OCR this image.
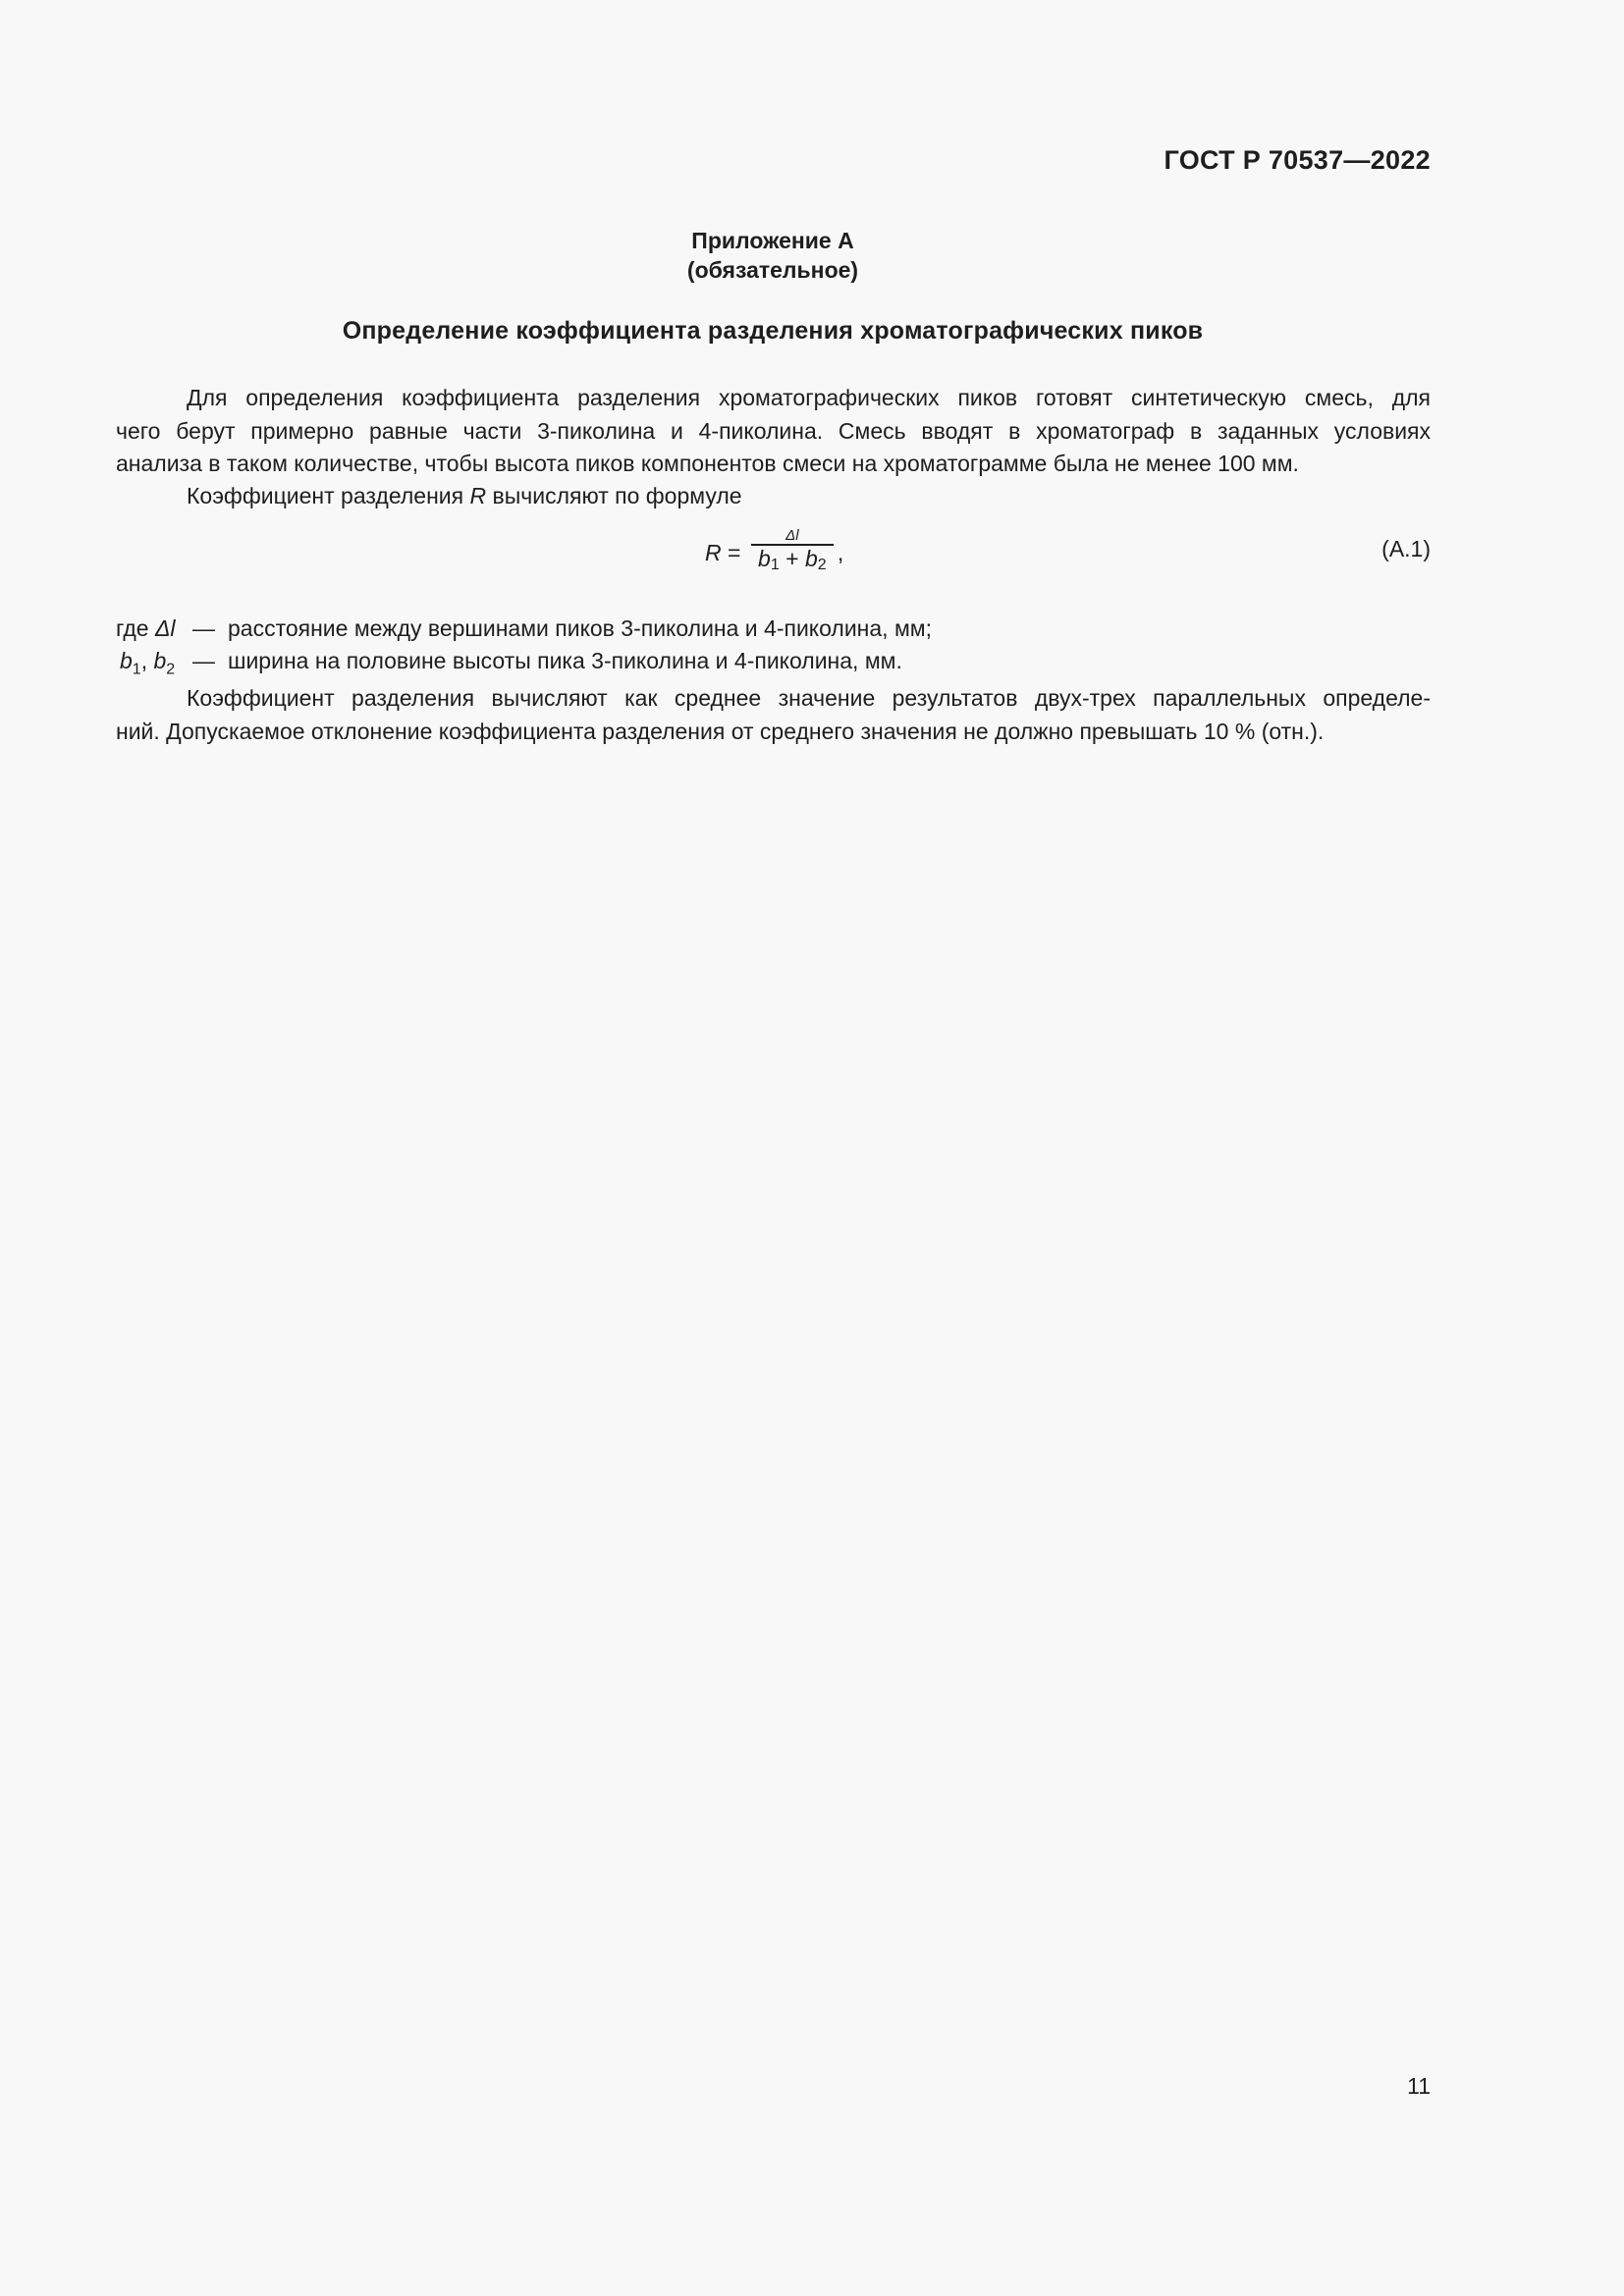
ГОСТ Р 70537—2022
Приложение А
(обязательное)
Определение коэффициента разделения хроматографических пиков
Для определения коэффициента разделения хроматографических пиков готовят синтетическую смесь, для
чего берут примерно равные части 3-пиколина и 4-пиколина. Смесь вводят в хроматограф в заданных условиях
анализа в таком количестве, чтобы высота пиков компонентов смеси на хроматограмме была не менее 100 мм.
Коэффициент разделения R вычисляют по формуле
$R = \frac{\Delta l}{b_1 + b_2}$ ,	(А.1)
где Δl — расстояние между вершинами пиков 3-пиколина и 4-пиколина, мм;
$b_1$, $b_2$ — ширина на половине высоты пика 3-пиколина и 4-пиколина, мм.
Коэффициент разделения вычисляют как среднее значение результатов двух-трех параллельных определе-
ний. Допускаемое отклонение коэффициента разделения от среднего значения не должно превышать 10 % (отн.).
11
